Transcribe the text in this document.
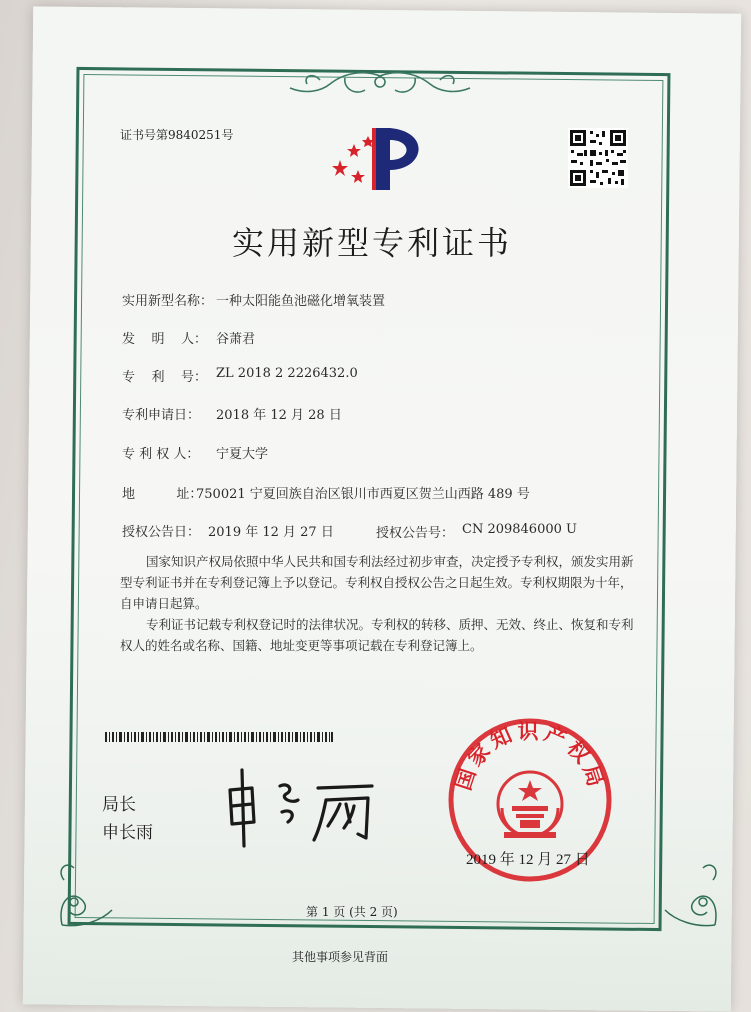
证书号第9840251号
实用新型专利证书
实用新型名称： 一种太阳能鱼池磁化增氧装置
发    明    人： 谷萧君
专    利    号： ZL 2018 2 2226432.0
专利申请日： 2018 年 12 月 28 日
专 利 权 人： 宁夏大学
地          址：
750021 宁夏回族自治区银川市西夏区贺兰山西路 489 号
授权公告日： 2019 年 12 月 27 日	授权公告号： CN 209846000 U
国家知识产权局依照中华人民共和国专利法经过初步审查，决定授予专利权，颁发实用新型专利证书并在专利登记簿上予以登记。专利权自授权公告之日起生效。专利权期限为十年，自申请日起算。
专利证书记载专利权登记时的法律状况。专利权的转移、质押、无效、终止、恢复和专利权人的姓名或名称、国籍、地址变更等事项记载在专利登记簿上。
局长
申长雨
国家知识产权局
2019 年 12 月 27 日
第 1 页 (共 2 页)
其他事项参见背面
